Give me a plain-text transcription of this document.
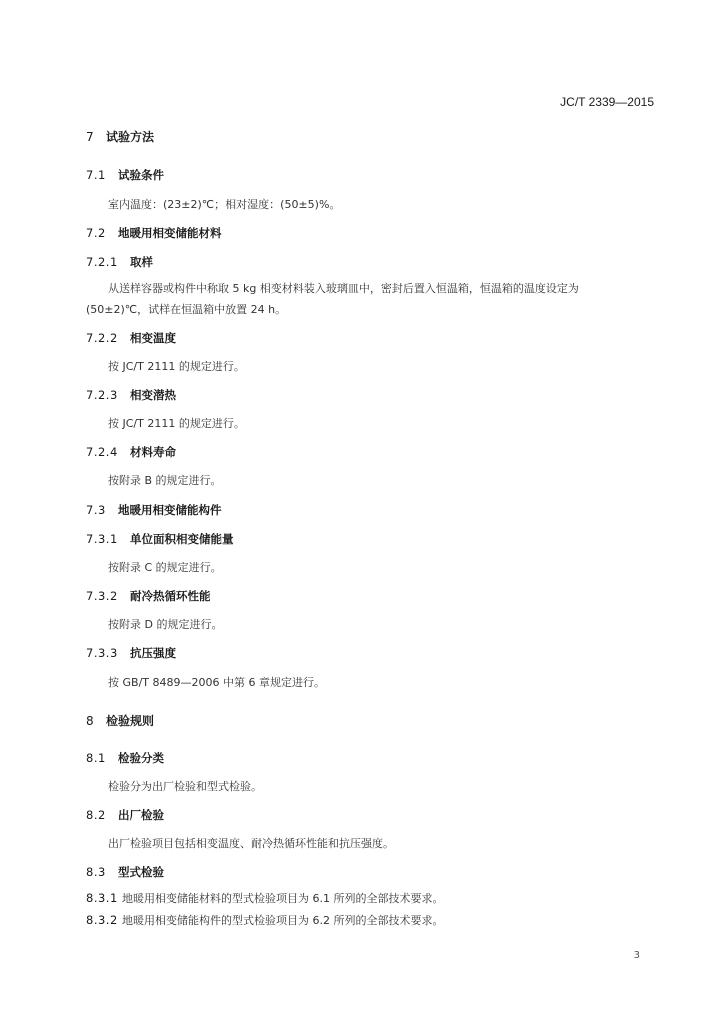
JC/T 2339—2015
7 试验方法
7.1 试验条件
室内温度：(23±2)℃；相对湿度：(50±5)%。
7.2 地暖用相变储能材料
7.2.1 取样
从送样容器或构件中称取 5 kg 相变材料装入玻璃皿中，密封后置入恒温箱，恒温箱的温度设定为
(50±2)℃，试样在恒温箱中放置 24 h。
7.2.2 相变温度
按 JC/T 2111 的规定进行。
7.2.3 相变潜热
按 JC/T 2111 的规定进行。
7.2.4 材料寿命
按附录 B 的规定进行。
7.3 地暖用相变储能构件
7.3.1 单位面积相变储能量
按附录 C 的规定进行。
7.3.2 耐冷热循环性能
按附录 D 的规定进行。
7.3.3 抗压强度
按 GB/T 8489—2006 中第 6 章规定进行。
8 检验规则
8.1 检验分类
检验分为出厂检验和型式检验。
8.2 出厂检验
出厂检验项目包括相变温度、耐冷热循环性能和抗压强度。
8.3 型式检验
8.3.1 地暖用相变储能材料的型式检验项目为 6.1 所列的全部技术要求。
8.3.2 地暖用相变储能构件的型式检验项目为 6.2 所列的全部技术要求。
3
